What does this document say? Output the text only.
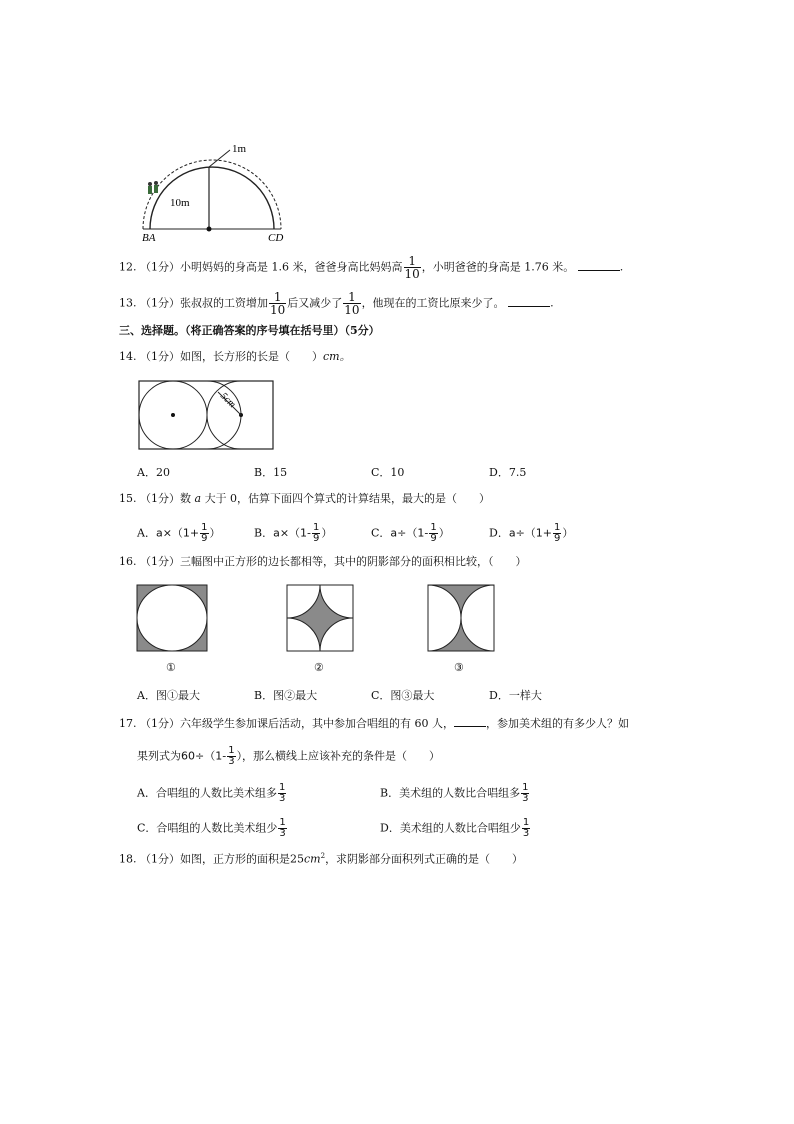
1m
10m
BA	CD
12. （1分）小明妈妈的身高是 1.6 米，爸爸身高比妈妈高 $\frac{1}{10}$ ，小明爸爸的身高是 1.76 米。	.
13. （1分）张叔叔的工资增加 $\frac{1}{10}$ 后又减少了 $\frac{1}{10}$ ，他现在的工资比原来少了。	.
三、选择题。（将正确答案的序号填在括号里）（5分）
14. （1分）如图，长方形的长是（　　）cm。
5cm
A．20	B．15	C．10	D．7.5
15. （1分）数 a 大于 0，估算下面四个算式的计算结果，最大的是（　　）
A．$a\times(1+ \frac{1}{9}$ ）	B．$a\times(1- \frac{1}{9}$ ）	C．$a\div(1- \frac{1}{9}$ ）	D．$a\div(1+ \frac{1}{9}$ ）
16. （1分）三幅图中正方形的边长都相等，其中的阴影部分的面积相比较，（　　）
①	②	③
A．图①最大	B．图②最大	C．图③最大	D．一样大
17. （1分）六年级学生参加课后活动，其中参加合唱组的有 60 人，	，参加美术组的有多少人？如
果列式为$60\div(1- \frac{1}{3}$ ），那么横线上应该补充的条件是（　　）
A．合唱组的人数比美术组多 $\frac{1}{3}$	B．美术组的人数比合唱组多 $\frac{1}{3}$
C．合唱组的人数比美术组少 $\frac{1}{3}$	D．美术组的人数比合唱组少 $\frac{1}{3}$
18. （1分）如图，正方形的面积是$25cm^2$，求阴影部分面积列式正确的是（　　）
